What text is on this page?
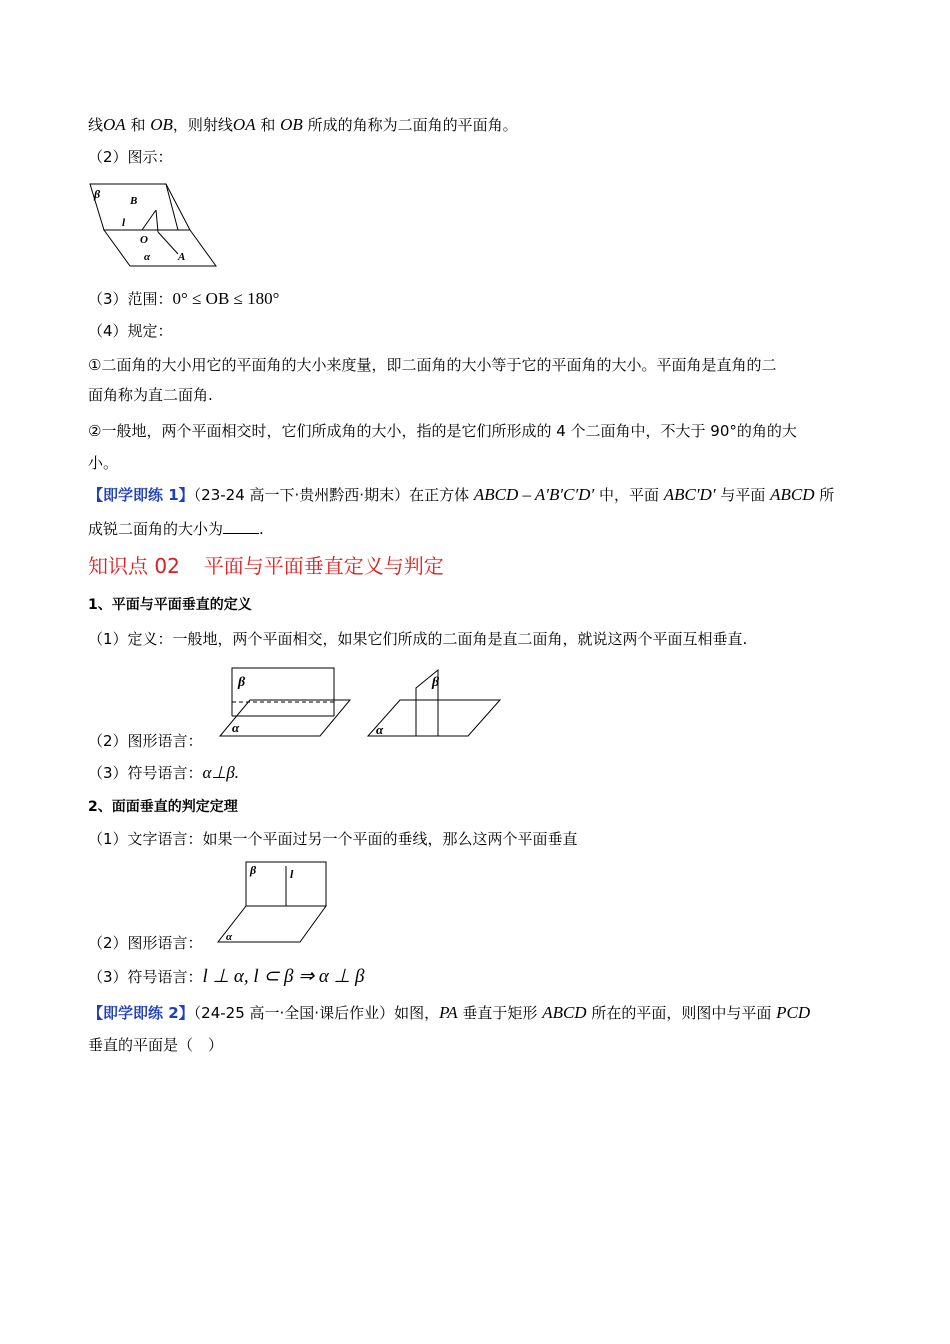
线OA 和 OB，则射线OA 和 OB 所成的角称为二面角的平面角。
（2）图示：
β	B
l
O
α	A
（3）范围：0° ≤ OB ≤ 180°
（4）规定：
①二面角的大小用它的平面角的大小来度量，即二面角的大小等于它的平面角的大小。平面角是直角的二
面角称为直二面角.
②一般地，两个平面相交时，它们所成角的大小，指的是它们所形成的 4 个二面角中，不大于 90°的角的大
小。
【即学即练 1】（23-24 高一下·贵州黔西·期末）在正方体 ABCD – A′B′C′D′ 中，平面 ABC′D′ 与平面 ABCD 所
成锐二面角的大小为 .
知识点 02 平面与平面垂直定义与判定
1、平面与平面垂直的定义
（1）定义：一般地，两个平面相交，如果它们所成的二面角是直二面角，就说这两个平面互相垂直.
β
α
β
α
（2）图形语言：
（3）符号语言：α⊥β.
2、面面垂直的判定定理
（1）文字语言：如果一个平面过另一个平面的垂线，那么这两个平面垂直
β	l
α
（2）图形语言：
（3）符号语言：l ⊥ α, l ⊂ β ⇒ α ⊥ β
【即学即练 2】（24-25 高一·全国·课后作业）如图，PA 垂直于矩形 ABCD 所在的平面，则图中与平面 PCD
垂直的平面是（　）
